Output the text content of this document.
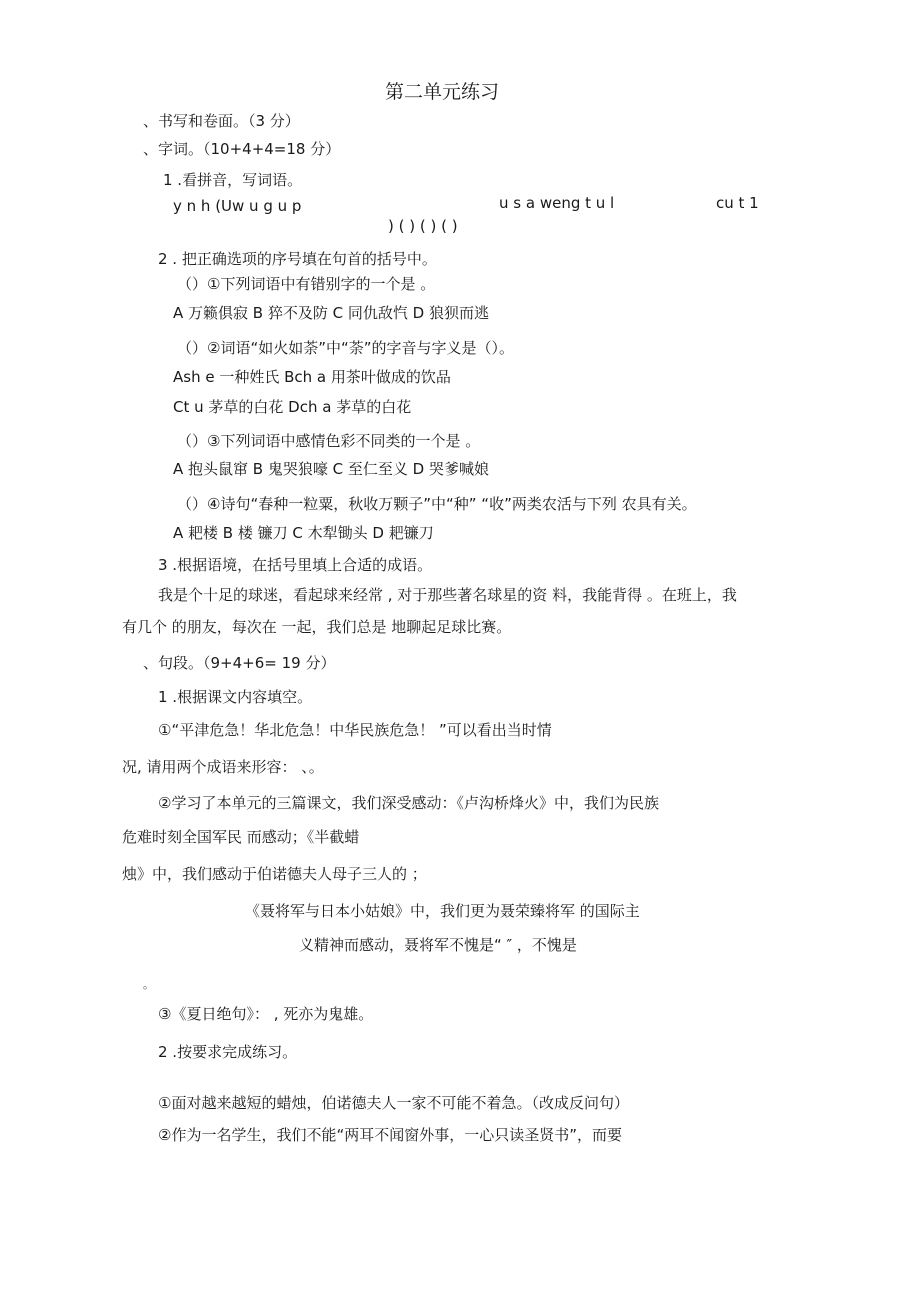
第二单元练习
、书写和卷面。（3 分）
、字词。（10+4+4=18 分）
1 .看拼音，写词语。
y n h (Uw u g u p	u s a weng t u l	cu t 1
) ( ) ( ) ( )
2 . 把正确选项的序号填在句首的括号中。
（）①下列词语中有错别字的一个是 。
A 万籁俱寂 B 猝不及防 C 同仇敌忾 D 狼狈而逃
（）②词语“如火如荼”中“荼”的字音与字义是（）。
Ash e 一种姓氏 Bch a 用茶叶做成的饮品
Ct u 茅草的白花 Dch a 茅草的白花
（）③下列词语中感情色彩不同类的一个是 。
A 抱头鼠窜 B 鬼哭狼嚎 C 至仁至义 D 哭爹喊娘
（）④诗句“春种一粒粟，秋收万颗子”中“种” “收”两类农活与下列 农具有关。
A 耙楼 B 楼 镰刀 C 木犁锄头 D 耙镰刀
3 .根据语境，在括号里填上合适的成语。
我是个十足的球迷，看起球来经常 , 对于那些著名球星的资 料，我能背得 。在班上，我
有几个 的朋友，每次在 一起，我们总是 地聊起足球比赛。
、句段。（9+4+6= 19 分）
1 .根据课文内容填空。
①“平津危急！华北危急！中华民族危急！ ”可以看出当时情
况, 请用两个成语来形容： 、。
②学习了本单元的三篇课文，我们深受感动：《卢沟桥烽火》中，我们为民族
危难时刻全国军民 而感动；《半截蜡
烛》中，我们感动于伯诺德夫人母子三人的 ；
《聂将军与日本小姑娘》中，我们更为聂荣臻将军 的国际主
义精神而感动，聂将军不愧是“ ″ ，不愧是
。
③《夏日绝句》： , 死亦为鬼雄。
2 .按要求完成练习。
①面对越来越短的蜡烛，伯诺德夫人一家不可能不着急。（改成反问句）
②作为一名学生，我们不能“两耳不闻窗外事，一心只读圣贤书”，而要
